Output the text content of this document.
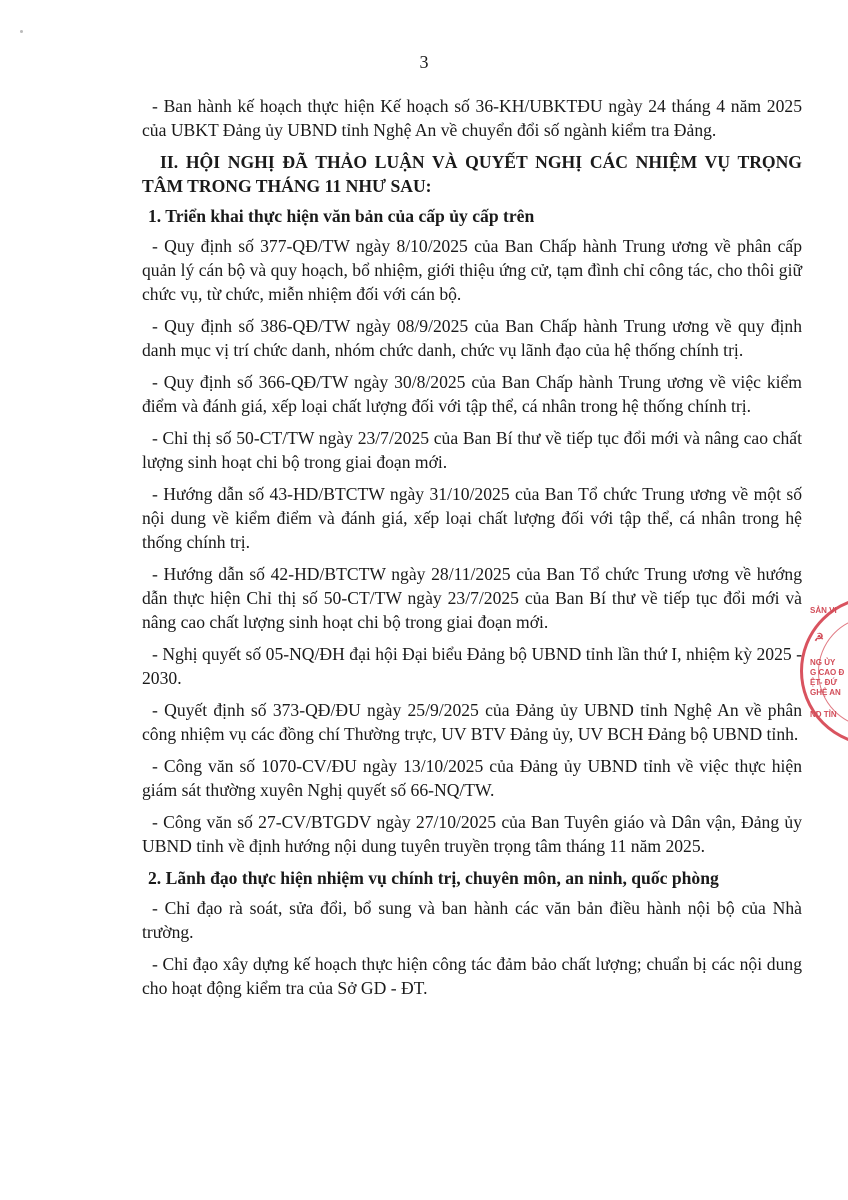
3

- Ban hành kế hoạch thực hiện Kế hoạch số 36-KH/UBKTĐU ngày 24 tháng 4 năm 2025 của UBKT Đảng ủy UBND tỉnh Nghệ An về chuyển đổi số ngành kiểm tra Đảng.

II. HỘI NGHỊ ĐÃ THẢO LUẬN VÀ QUYẾT NGHỊ CÁC NHIỆM VỤ TRỌNG TÂM TRONG THÁNG 11 NHƯ SAU:

1. Triển khai thực hiện văn bản của cấp ủy cấp trên

- Quy định số 377-QĐ/TW ngày 8/10/2025 của Ban Chấp hành Trung ương về phân cấp quản lý cán bộ và quy hoạch, bổ nhiệm, giới thiệu ứng cử, tạm đình chỉ công tác, cho thôi giữ chức vụ, từ chức, miễn nhiệm đối với cán bộ.

- Quy định số 386-QĐ/TW ngày 08/9/2025 của Ban Chấp hành Trung ương về quy định danh mục vị trí chức danh, nhóm chức danh, chức vụ lãnh đạo của hệ thống chính trị.

- Quy định số 366-QĐ/TW ngày 30/8/2025 của Ban Chấp hành Trung ương về việc kiểm điểm và đánh giá, xếp loại chất lượng đối với tập thể, cá nhân trong hệ thống chính trị.

- Chỉ thị số 50-CT/TW ngày 23/7/2025 của Ban Bí thư về tiếp tục đổi mới và nâng cao chất lượng sinh hoạt chi bộ trong giai đoạn mới.

- Hướng dẫn số 43-HD/BTCTW ngày 31/10/2025 của Ban Tổ chức Trung ương về một số nội dung về kiểm điểm và đánh giá, xếp loại chất lượng đối với tập thể, cá nhân trong hệ thống chính trị.

- Hướng dẫn số 42-HD/BTCTW ngày 28/11/2025 của Ban Tổ chức Trung ương về hướng dẫn thực hiện Chỉ thị số 50-CT/TW ngày 23/7/2025 của Ban Bí thư về tiếp tục đổi mới và nâng cao chất lượng sinh hoạt chi bộ trong giai đoạn mới.

- Nghị quyết số 05-NQ/ĐH đại hội Đại biểu Đảng bộ UBND tỉnh lần thứ I, nhiệm kỳ 2025 - 2030.

- Quyết định số 373-QĐ/ĐU ngày 25/9/2025 của Đảng ủy UBND tỉnh Nghệ An về phân công nhiệm vụ các đồng chí Thường trực, UV BTV Đảng ủy, UV BCH Đảng bộ UBND tỉnh.

- Công văn số 1070-CV/ĐU ngày 13/10/2025 của Đảng ủy UBND tỉnh về việc thực hiện giám sát thường xuyên Nghị quyết số 66-NQ/TW.

- Công văn số 27-CV/BTGDV ngày 27/10/2025 của Ban Tuyên giáo và Dân vận, Đảng ủy UBND tỉnh về định hướng nội dung tuyên truyền trọng tâm tháng 11 năm 2025.

2. Lãnh đạo thực hiện nhiệm vụ chính trị, chuyên môn, an ninh, quốc phòng

- Chỉ đạo rà soát, sửa đổi, bổ sung và ban hành các văn bản điều hành nội bộ của Nhà trường.

- Chỉ đạo xây dựng kế hoạch thực hiện công tác đảm bảo chất lượng; chuẩn bị các nội dung cho hoạt động kiểm tra của Sở GD - ĐT.

SẢN VI
☭
NG ỦY
G CAO Đ
ỆT- ĐỨ
GHỆ AN
ND TỈN
